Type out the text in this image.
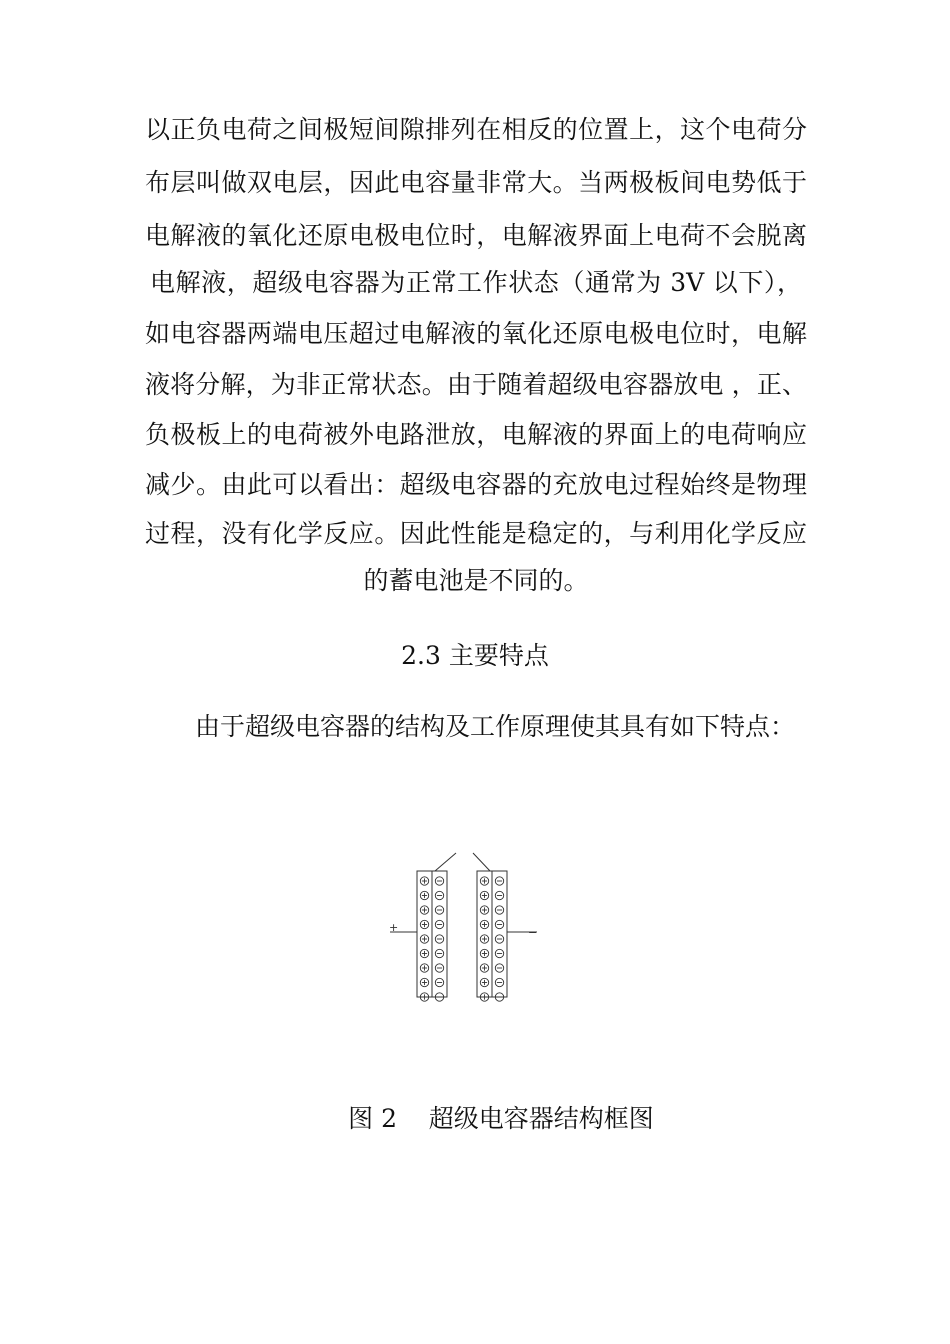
以正负电荷之间极短间隙排列在相反的位置上，这个电荷分
布层叫做双电层，因此电容量非常大。当两极板间电势低于
电解液的氧化还原电极电位时，电解液界面上电荷不会脱离
电解液，超级电容器为正常工作状态（通常为 3V 以下），
如电容器两端电压超过电解液的氧化还原电极电位时，电解
液将分解，为非正常状态。由于随着超级电容器放电 ，正、
负极板上的电荷被外电路泄放，电解液的界面上的电荷响应
减少。由此可以看出：超级电容器的充放电过程始终是物理
过程，没有化学反应。因此性能是稳定的，与利用化学反应
的蓄电池是不同的。
2.3 主要特点
由于超级电容器的结构及工作原理使其具有如下特点：
+	−
图 2    超级电容器结构框图
